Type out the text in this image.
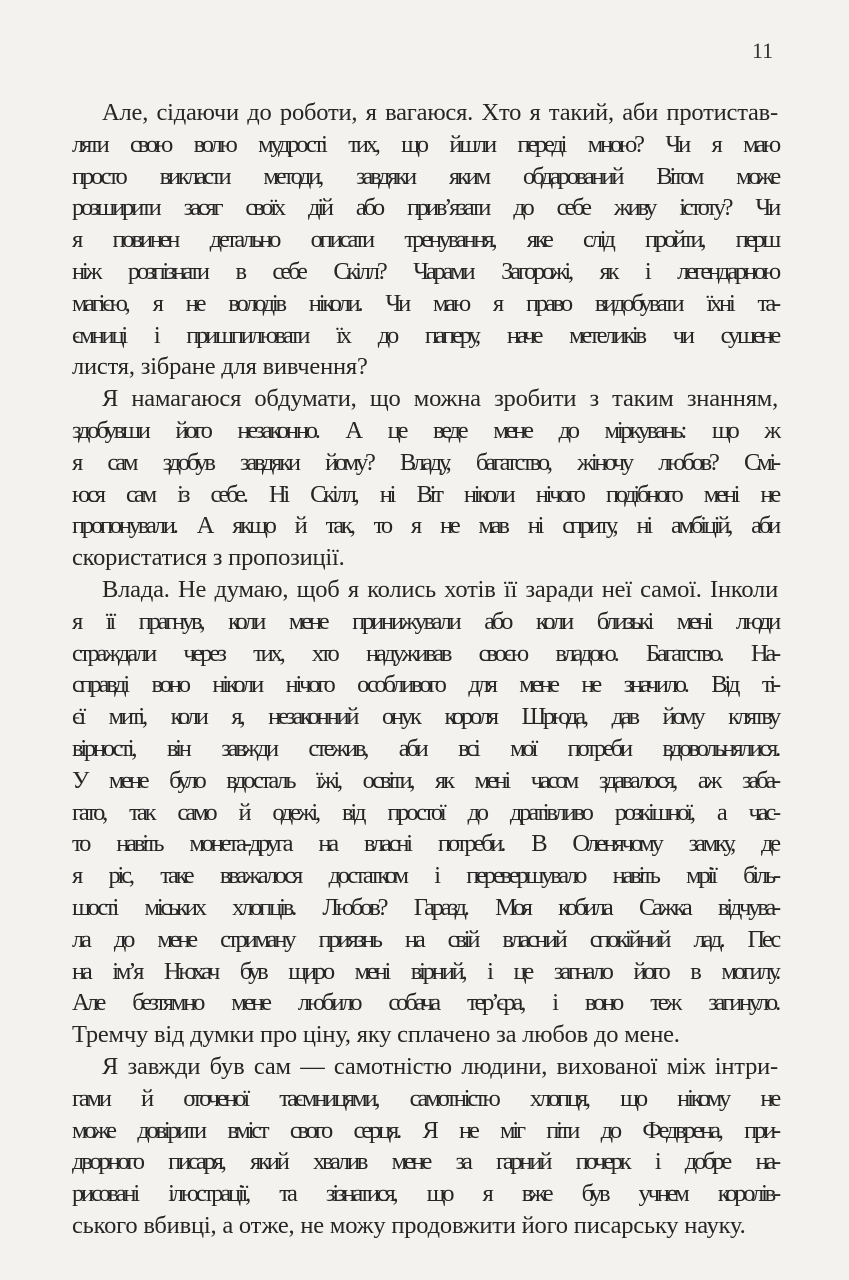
11
Але, сідаючи до роботи, я вагаюся. Хто я такий, аби протистав-
ляти свою волю мудрості тих, що йшли переді мною? Чи я маю
просто викласти методи, завдяки яким обдарований Вітом може
розширити засяг своїх дій або прив’язати до себе живу істоту? Чи
я повинен детально описати тренування, яке слід пройти, перш
ніж розпізнати в себе Скілл? Чарами Загорожі, як і легендарною
магією, я не володів ніколи. Чи маю я право видобувати їхні та-
ємниці і пришпилювати їх до паперу, наче метеликів чи сушене
листя, зібране для вивчення?
Я намагаюся обдумати, що можна зробити з таким знанням,
здобувши його незаконно. А це веде мене до міркувань: що ж
я сам здобув завдяки йому? Владу, багатство, жіночу любов? Смі-
юся сам із себе. Ні Скілл, ні Віт ніколи нічого подібного мені не
пропонували. А якщо й так, то я не мав ні сприту, ні амбіцій, аби
скористатися з пропозиції.
Влада. Не думаю, щоб я колись хотів її заради неї самої. Інколи
я її прагнув, коли мене принижували або коли близькі мені люди
страждали через тих, хто надуживав своєю владою. Багатство. На-
справді воно ніколи нічого особливого для мене не значило. Від ті-
єї миті, коли я, незаконний онук короля Шрюда, дав йому клятву
вірності, він завжди стежив, аби всі мої потреби вдовольнялися.
У мене було вдосталь їжі, освіти, як мені часом здавалося, аж заба-
гато, так само й одежі, від простої до дратівливо розкішної, а час-
то навіть монета-друга на власні потреби. В Оленячому замку, де
я ріс, таке вважалося достатком і перевершувало навіть мрії біль-
шості міських хлопців. Любов? Гаразд. Моя кобила Сажка відчува-
ла до мене стриману приязнь на свій власний спокійний лад. Пес
на ім’я Нюхач був щиро мені вірний, і це загнало його в могилу.
Але безтямно мене любило собача тер’єра, і воно теж загинуло.
Тремчу від думки про ціну, яку сплачено за любов до мене.
Я завжди був сам — самотністю людини, вихованої між інтри-
гами й оточеної таємницями, самотністю хлопця, що нікому не
може довірити вміст свого серця. Я не міг піти до Федврена, при-
дворного писаря, який хвалив мене за гарний почерк і добре на-
рисовані ілюстрації, та зізнатися, що я вже був учнем королів-
ського вбивці, а отже, не можу продовжити його писарську науку.
